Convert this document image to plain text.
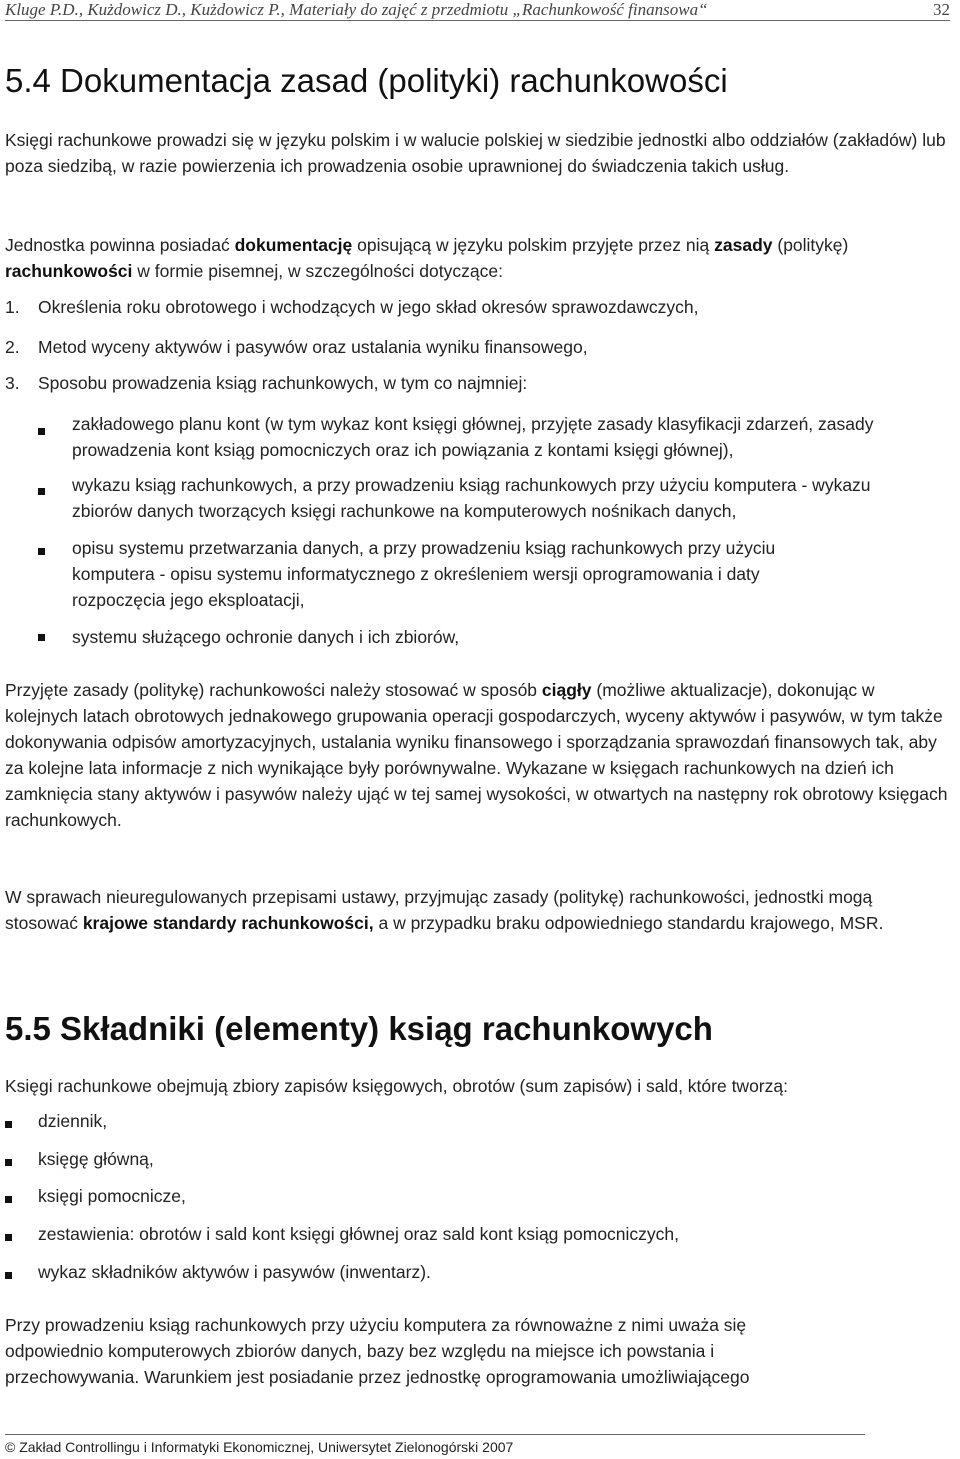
Kluge P.D., Kużdowicz D., Kużdowicz P., Materiały do zajęć z przedmiotu „Rachunkowość finansowa“	32
5.4 Dokumentacja zasad (polityki) rachunkowości

Księgi rachunkowe prowadzi się w języku polskim i w walucie polskiej w siedzibie jednostki albo oddziałów (zakładów) lub poza siedzibą, w razie powierzenia ich prowadzenia osobie uprawnionej do świadczenia takich usług.

Jednostka powinna posiadać dokumentację opisującą w języku polskim przyjęte przez nią zasady (politykę) rachunkowości w formie pisemnej, w szczególności dotyczące:

1. Określenia roku obrotowego i wchodzących w jego skład okresów sprawozdawczych,
2. Metod wyceny aktywów i pasywów oraz ustalania wyniku finansowego,
3. Sposobu prowadzenia ksiąg rachunkowych, w tym co najmniej:
zakładowego planu kont (w tym wykaz kont księgi głównej, przyjęte zasady klasyfikacji zdarzeń, zasady prowadzenia kont ksiąg pomocniczych oraz ich powiązania z kontami księgi głównej),
wykazu ksiąg rachunkowych, a przy prowadzeniu ksiąg rachunkowych przy użyciu komputera - wykazu zbiorów danych tworzących księgi rachunkowe na komputerowych nośnikach danych,
opisu systemu przetwarzania danych, a przy prowadzeniu ksiąg rachunkowych przy użyciu komputera - opisu systemu informatycznego z określeniem wersji oprogramowania i daty rozpoczęcia jego eksploatacji,
systemu służącego ochronie danych i ich zbiorów,

Przyjęte zasady (politykę) rachunkowości należy stosować w sposób ciągły (możliwe aktualizacje), dokonując w kolejnych latach obrotowych jednakowego grupowania operacji gospodarczych, wyceny aktywów i pasywów, w tym także dokonywania odpisów amortyzacyjnych, ustalania wyniku finansowego i sporządzania sprawozdań finansowych tak, aby za kolejne lata informacje z nich wynikające były porównywalne. Wykazane w księgach rachunkowych na dzień ich zamknięcia stany aktywów i pasywów należy ująć w tej samej wysokości, w otwartych na następny rok obrotowy księgach rachunkowych.

W sprawach nieuregulowanych przepisami ustawy, przyjmując zasady (politykę) rachunkowości, jednostki mogą stosować krajowe standardy rachunkowości, a w przypadku braku odpowiedniego standardu krajowego, MSR.

5.5 Składniki (elementy) ksiąg rachunkowych

Księgi rachunkowe obejmują zbiory zapisów księgowych, obrotów (sum zapisów) i sald, które tworzą:

dziennik,
księgę główną,
księgi pomocnicze,
zestawienia: obrotów i sald kont księgi głównej oraz sald kont ksiąg pomocniczych,
wykaz składników aktywów i pasywów (inwentarz).

Przy prowadzeniu ksiąg rachunkowych przy użyciu komputera za równoważne z nimi uważa się odpowiednio komputerowych zbiorów danych, bazy bez względu na miejsce ich powstania i przechowywania. Warunkiem jest posiadanie przez jednostkę oprogramowania umożliwiającego

© Zakład Controllingu i Informatyki Ekonomicznej, Uniwersytet Zielonogórski 2007
